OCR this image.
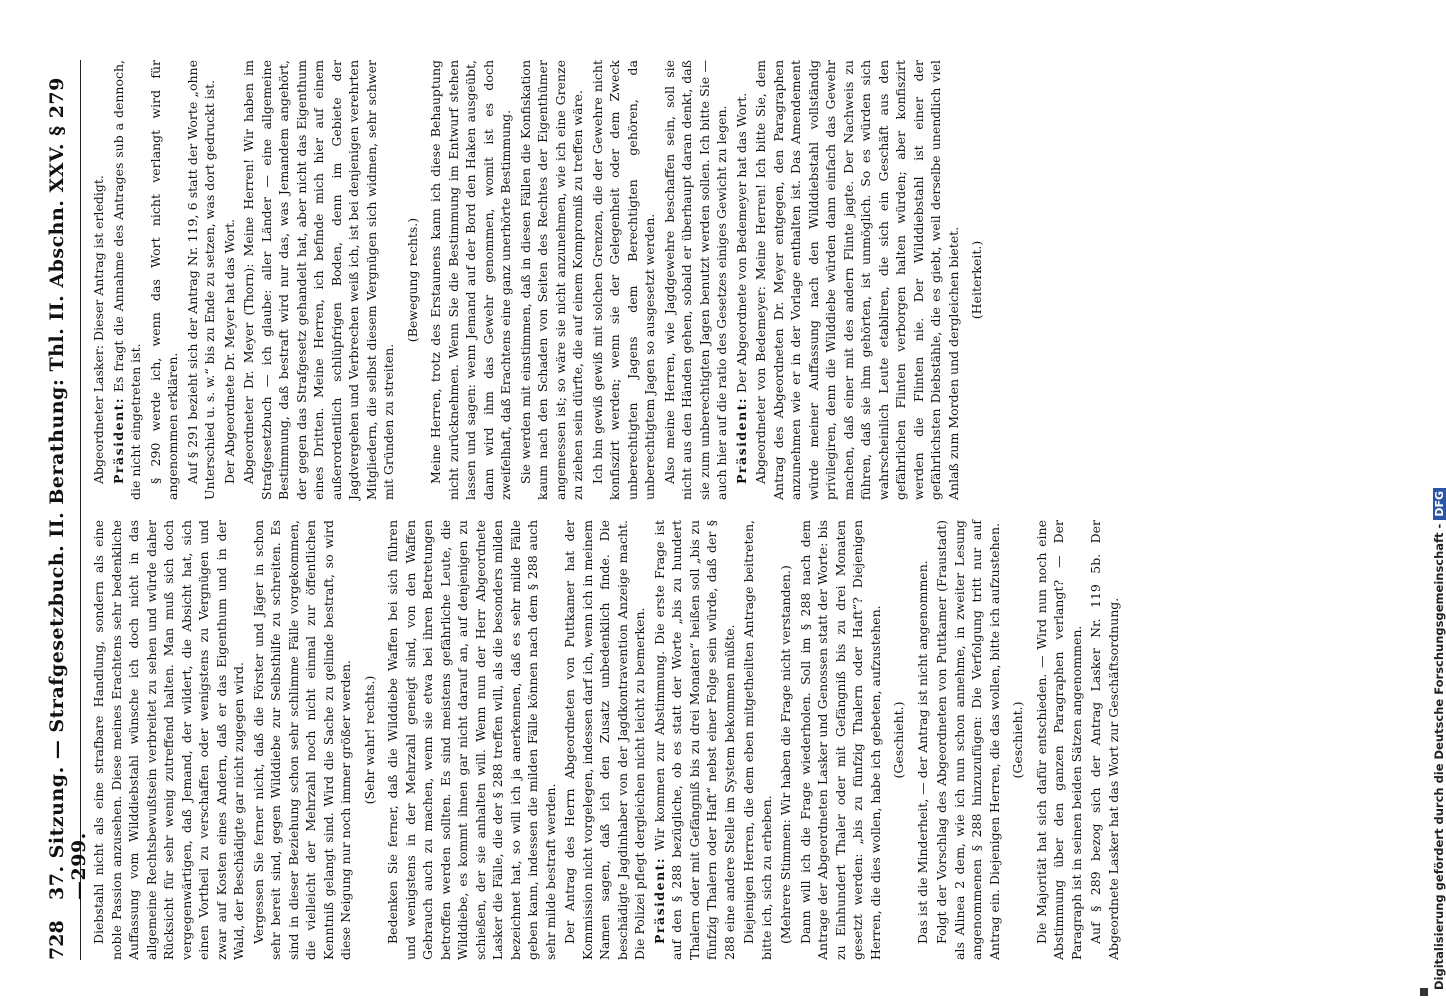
728
37. Sitzung. — Strafgesetzbuch. II. Berathung: Thl. II. Abschn. XXV. § 279—299. Diebstahl nicht als eine strafbare Handlung, sondern als eine noble Passion anzusehen. Diese meines Erachtens sehr bedenkliche Auffassung vom Wilddiebstahl wünsche ich doch nicht in das allgemeine Rechtsbewußtsein verbreitet zu sehen und würde daher Rücksicht für sehr wenig zutreffend halten. Man muß sich doch vergegenwärtigen, daß Jemand, der wildert, die Absicht hat, sich einen Vortheil zu verschaffen oder wenigstens zu Vergnügen und zwar auf Kosten eines Andern, daß er das Eigenthum und in der Wald, der Beschädigte gar nicht zugegen wird. Vergessen Sie ferner nicht, daß die Förster und Jäger in schon sehr bereit sind, gegen Wilddiebe zur Selbsthilfe zu schreiten. Es sind in dieser Beziehung schon sehr schlimme Fälle vorgekommen, die vielleicht der Mehrzahl noch nicht einmal zur öffentlichen Kenntniß gelangt sind. Wird die Sache zu gelinde bestraft, so wird diese Neigung nur noch immer größer werden. (Sehr wahr! rechts.) Bedenken Sie ferner, daß die Wilddiebe Waffen bei sich führen und wenigstens in der Mehrzahl geneigt sind, von den Waffen Gebrauch auch zu machen, wenn sie etwa bei ihren Betretungen betroffen werden sollten. Es sind meistens gefährliche Leute, die Wilddiebe, es kommt ihnen gar nicht darauf an, auf denjenigen zu schießen, der sie anhalten will. Wenn nun der Herr Abgeordnete Lasker die Fälle, die der § 288 treffen will, als die besonders milden bezeichnet hat, so will ich ja anerkennen, daß es sehr milde Fälle geben kann, indessen die milden Fälle können nach dem § 288 auch sehr milde bestraft werden. Der Antrag des Herrn Abgeordneten von Puttkamer hat der Kommission nicht vorgelegen, indessen darf ich, wenn ich in meinem Namen sagen, daß ich den Zusatz unbedenklich finde. Die beschädigte Jagdinhaber von der Jagdkontravention Anzeige macht. Die Polizei pflegt dergleichen nicht leicht zu bemerken. Präsident: Wir kommen zur Abstimmung. Die erste Frage ist auf den § 288 bezügliche, ob es statt der Worte „bis zu hundert Thalern oder mit Gefängniß bis zu drei Monaten“ heißen soll „bis zu fünfzig Thalern oder Haft“ nebst einer Folge sein würde, daß der § 288 eine andere Stelle im System bekommen müßte. Diejenigen Herren, die dem eben mitgetheilten Antrage beitreten, bitte ich, sich zu erheben. (Mehrere Stimmen: Wir haben die Frage nicht verstanden.) Dann will ich die Frage wiederholen. Soll im § 288 nach dem Antrage der Abgeordneten Lasker und Genossen statt der Worte: bis zu Einhundert Thaler oder mit Gefängniß bis zu drei Monaten gesetzt werden: „bis zu fünfzig Thalern oder Haft“? Diejenigen Herren, die dies wollen, habe ich gebeten, aufzustehen. (Geschieht.) Das ist die Minderheit, — der Antrag ist nicht angenommen. Folgt der Vorschlag des Abgeordneten von Puttkamer (Fraustadt) als Alinea 2 dem, wie ich nun schon annehme, in zweiter Lesung angenommenen § 288 hinzuzufügen: Die Verfolgung tritt nur auf Antrag ein. Diejenigen Herren, die das wollen, bitte ich aufzustehen. (Geschieht.) Die Majorität hat sich dafür entschieden. — Wird nun noch eine Abstimmung über den ganzen Paragraphen verlangt? — Der Paragraph ist in seinen beiden Sätzen angenommen. Auf § 289 bezog sich der Antrag Lasker Nr. 119 5b. Der Abgeordnete Lasker hat das Wort zur Geschäftsordnung.

Abgeordneter Lasker: Dieser Antrag ist erledigt. Präsident: Es fragt die Annahme des Antrages sub a dennoch, die nicht eingetreten ist. § 290 werde ich, wenn das Wort nicht verlangt wird für angenommen erklären. Auf § 291 bezieht sich der Antrag Nr. 119, 6 statt der Worte „ohne Unterschied u. s. w.“ bis zu Ende zu setzen, was dort gedruckt ist. Der Abgeordnete Dr. Meyer hat das Wort. Abgeordneter Dr. Meyer (Thorn): Meine Herren! Wir haben im Strafgesetzbuch — ich glaube: aller Länder — eine allgemeine Bestimmung, daß bestraft wird nur das, was Jemandem angehört, der gegen das Strafgesetz gehandelt hat, aber nicht das Eigenthum eines Dritten. Meine Herren, ich befinde mich hier auf einem außerordentlich schlüpfrigen Boden, denn im Gebiete der Jagdvergehen und Verbrechen weiß ich, ist bei denjenigen verehrten Mitgliedern, die selbst diesem Vergnügen sich widmen, sehr schwer mit Gründen zu streiten.

(Bewegung rechts.) Meine Herren, trotz des Erstaunens kann ich diese Behauptung nicht zurücknehmen. Wenn Sie die Bestimmung im Entwurf stehen lassen und sagen: wenn Jemand auf der Bord den Haken ausgeübt, dann wird ihm das Gewehr genommen, womit ist es doch zweifelhaft, daß Erachtens eine ganz unerhörte Bestimmung. Sie werden mit einstimmen, daß in diesen Fällen die Konfiskation kaum nach den Schaden von Seiten des Rechtes der Eigenthümer angemessen ist; so wäre sie nicht anzunehmen, wie ich eine Grenze zu ziehen sein dürfte, die auf einem Kompromiß zu treffen wäre. Ich bin gewiß gewiß mit solchen Grenzen, die der Gewehre nicht konfiszirt werden; wenn sie der Gelegenheit oder dem Zweck unberechtigten Jagens dem Berechtigten gehören, da unberechtigtem Jagen so ausgesetzt werden. Also meine Herren, wie Jagdgewehre beschaffen sein, soll sie nicht aus den Händen gehen, sobald er überhaupt daran denkt, daß sie zum unberechtigten Jagen benutzt werden sollen. Ich bitte Sie — auch hier auf die ratio des Gesetzes einiges Gewicht zu legen. Präsident: Der Abgeordnete von Bedemeyer hat das Wort. Abgeordneter von Bedemeyer: Meine Herren! Ich bitte Sie, dem Antrag des Abgeordneten Dr. Meyer entgegen, den Paragraphen anzunehmen wie er in der Vorlage enthalten ist. Das Amendement würde meiner Auffassung nach den Wilddiebstahl vollständig privilegiren, denn die Wilddiebe würden dann einfach das Gewehr machen, daß einer mit des andern Flinte jagte. Der Nachweis zu führen, daß sie ihm gehörten, ist unmöglich. So es würden sich wahrscheinlich Leute etabliren, die sich ein Geschäft aus den gefährlichen Flinten verborgen halten würden; aber konfiszirt werden die Flinten nie. Der Wilddiebstahl ist einer der gefährlichsten Diebstähle, die es giebt, weil derselbe unendlich viel Anlaß zum Morden und dergleichen bietet. (Heiterkeit.)

Digitalisierung gefördert durch die Deutsche Forschungsgemeinschaft -DFG
